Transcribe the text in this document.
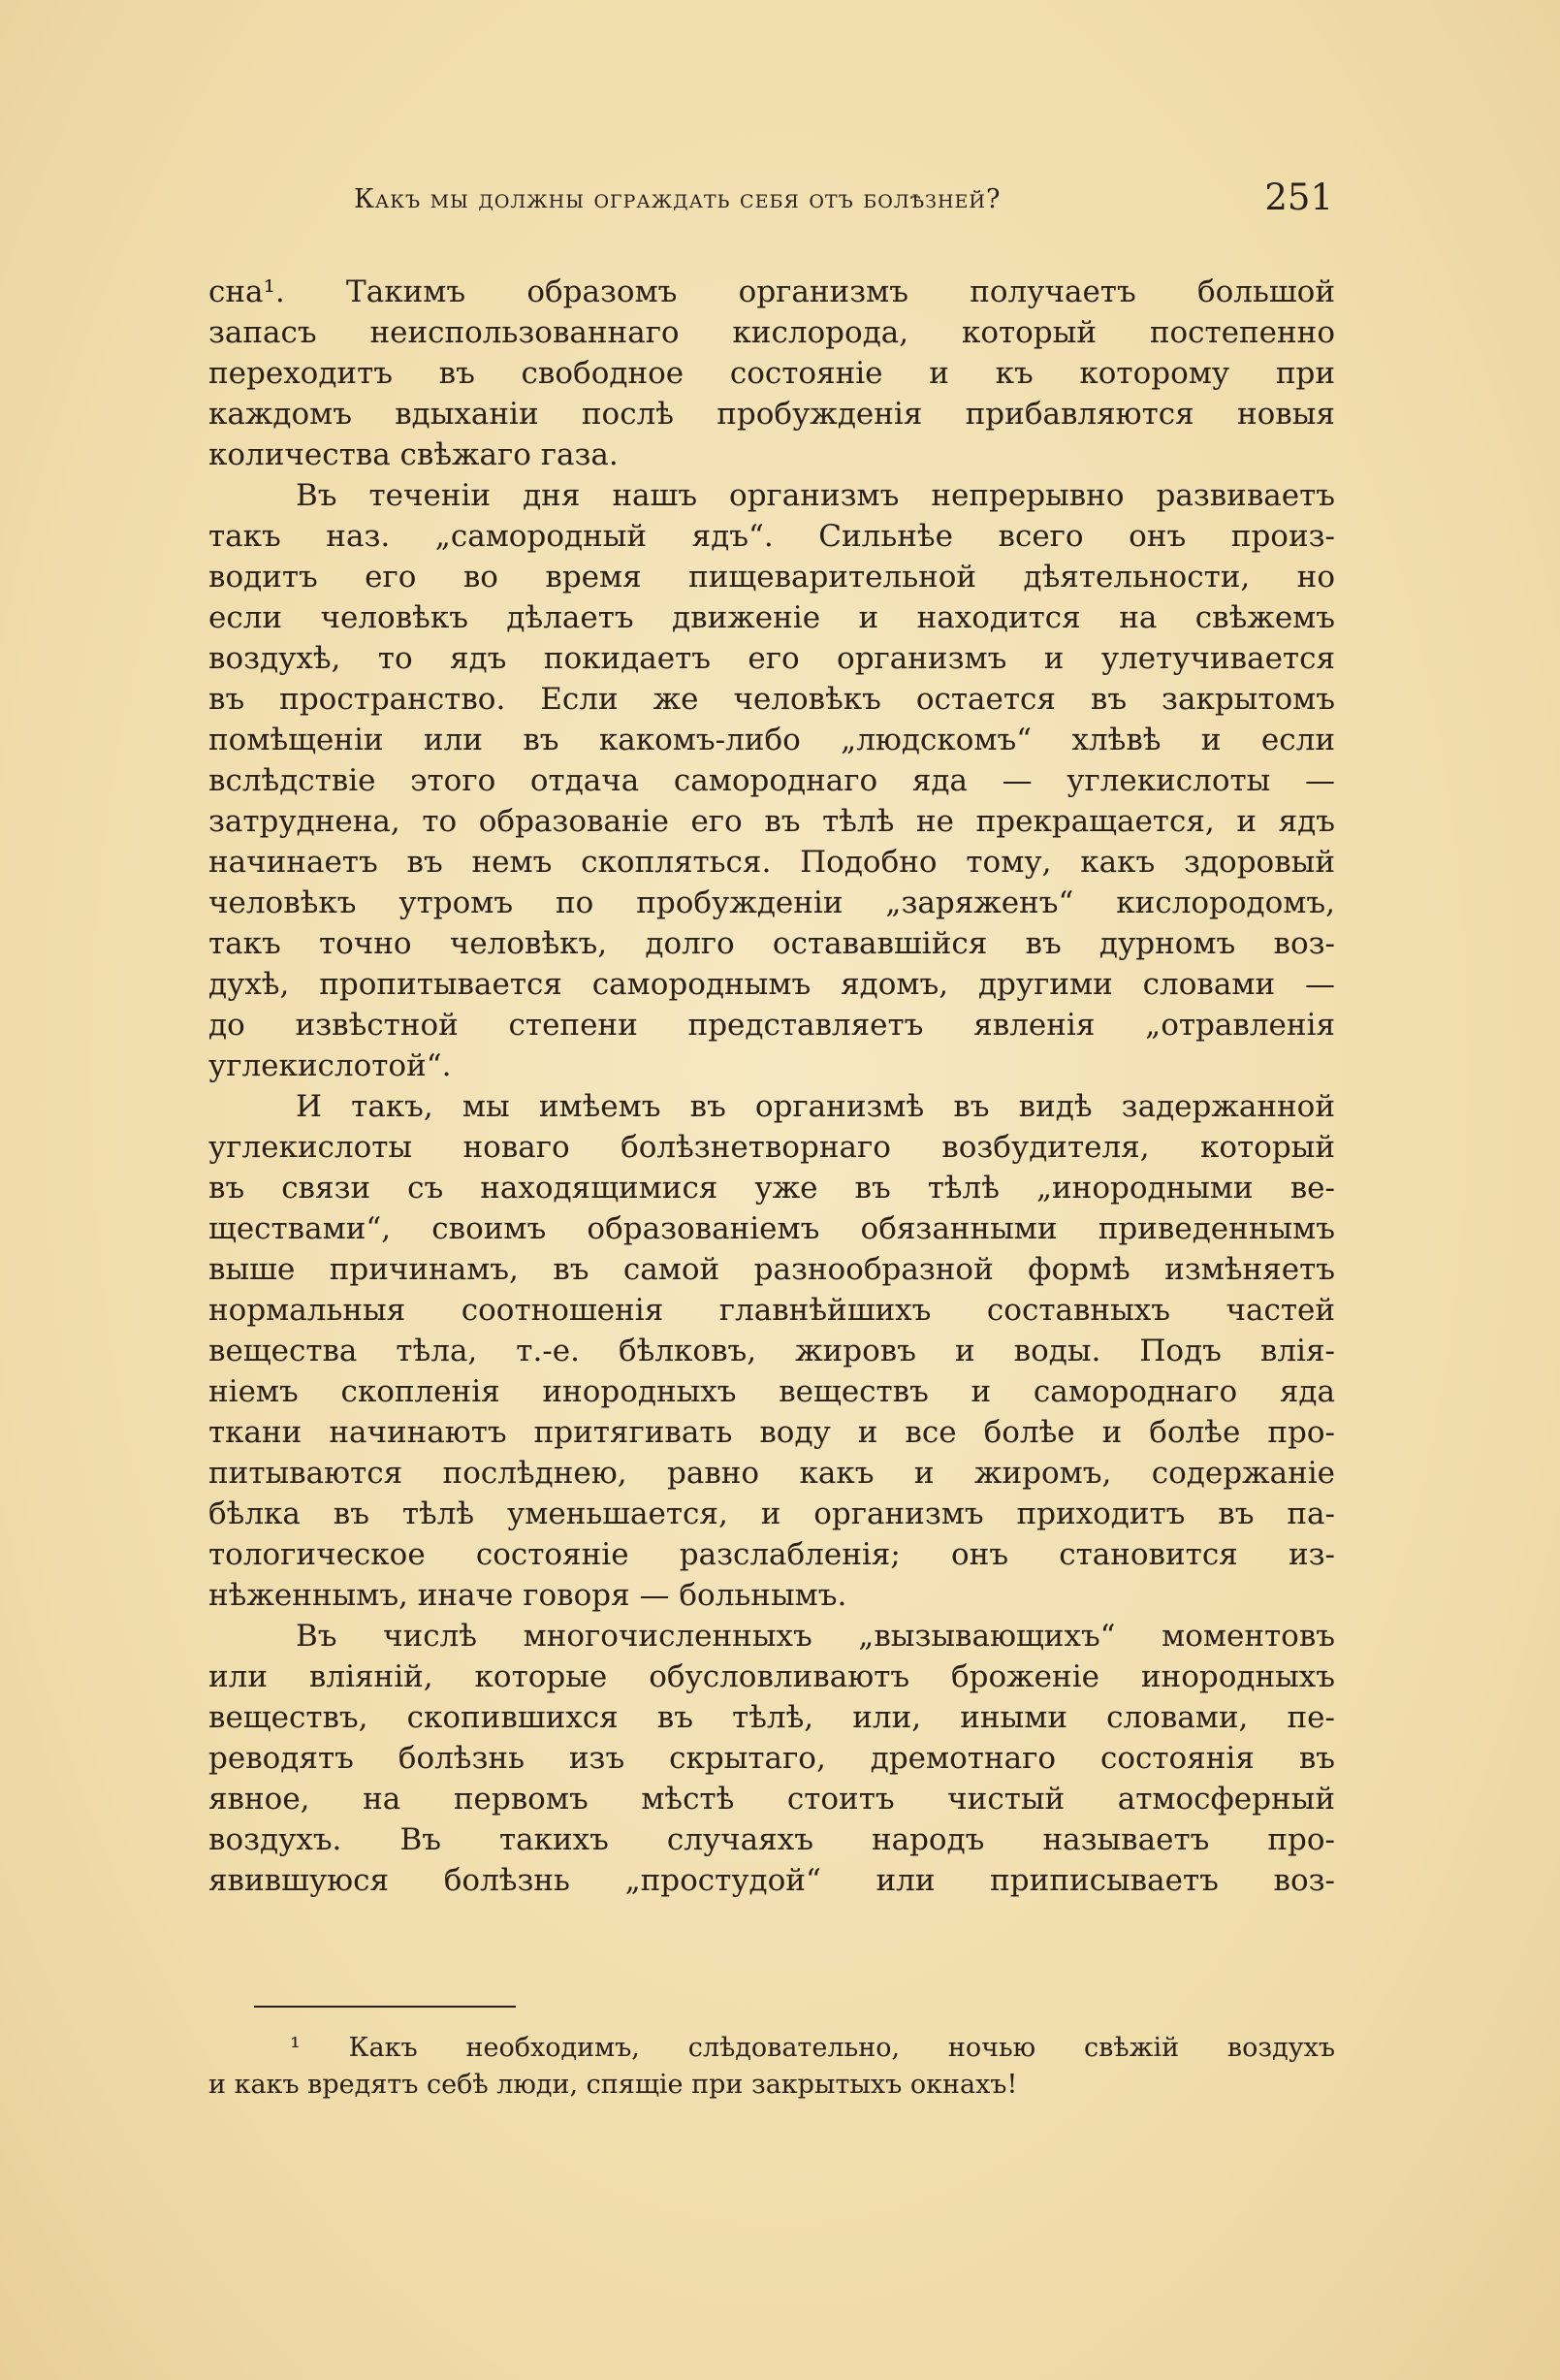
Какъ мы должны ограждать себя отъ болѣзней?	251
сна¹. Такимъ образомъ организмъ получаетъ большой
запасъ неиспользованнаго кислорода, который постепенно
переходитъ въ свободное состояніе и къ которому при
каждомъ вдыханіи послѣ пробужденія прибавляются новыя
количества свѣжаго газа.
Въ теченіи дня нашъ организмъ непрерывно развиваетъ
такъ наз. „самородный ядъ“. Сильнѣе всего онъ произ-
водитъ его во время пищеварительной дѣятельности, но
если человѣкъ дѣлаетъ движеніе и находится на свѣжемъ
воздухѣ, то ядъ покидаетъ его организмъ и улетучивается
въ пространство. Если же человѣкъ остается въ закрытомъ
помѣщеніи или въ какомъ-либо „людскомъ“ хлѣвѣ и если
вслѣдствіе этого отдача самороднаго яда — углекислоты —
затруднена, то образованіе его въ тѣлѣ не прекращается, и ядъ
начинаетъ въ немъ скопляться. Подобно тому, какъ здоровый
человѣкъ утромъ по пробужденіи „заряженъ“ кислородомъ,
такъ точно человѣкъ, долго остававшійся въ дурномъ воз-
духѣ, пропитывается самороднымъ ядомъ, другими словами —
до извѣстной степени представляетъ явленія „отравленія
углекислотой“.
И такъ, мы имѣемъ въ организмѣ въ видѣ задержанной
углекислоты новаго болѣзнетворнаго возбудителя, который
въ связи съ находящимися уже въ тѣлѣ „инородными ве-
ществами“, своимъ образованіемъ обязанными приведеннымъ
выше причинамъ, въ самой разнообразной формѣ измѣняетъ
нормальныя соотношенія главнѣйшихъ составныхъ частей
вещества тѣла, т.-е. бѣлковъ, жировъ и воды. Подъ влія-
ніемъ скопленія инородныхъ веществъ и самороднаго яда
ткани начинаютъ притягивать воду и все болѣе и болѣе про-
питываются послѣднею, равно какъ и жиромъ, содержаніе
бѣлка въ тѣлѣ уменьшается, и организмъ приходитъ въ па-
тологическое состояніе разслабленія; онъ становится из-
нѣженнымъ, иначе говоря — больнымъ.
Въ числѣ многочисленныхъ „вызывающихъ“ моментовъ
или вліяній, которые обусловливаютъ броженіе инородныхъ
веществъ, скопившихся въ тѣлѣ, или, иными словами, пе-
реводятъ болѣзнь изъ скрытаго, дремотнаго состоянія въ
явное, на первомъ мѣстѣ стоитъ чистый атмосферный
воздухъ. Въ такихъ случаяхъ народъ называетъ про-
явившуюся болѣзнь „простудой“ или приписываетъ воз-
¹ Какъ необходимъ, слѣдовательно, ночью свѣжій воздухъ
и какъ вредятъ себѣ люди, спящіе при закрытыхъ окнахъ!
